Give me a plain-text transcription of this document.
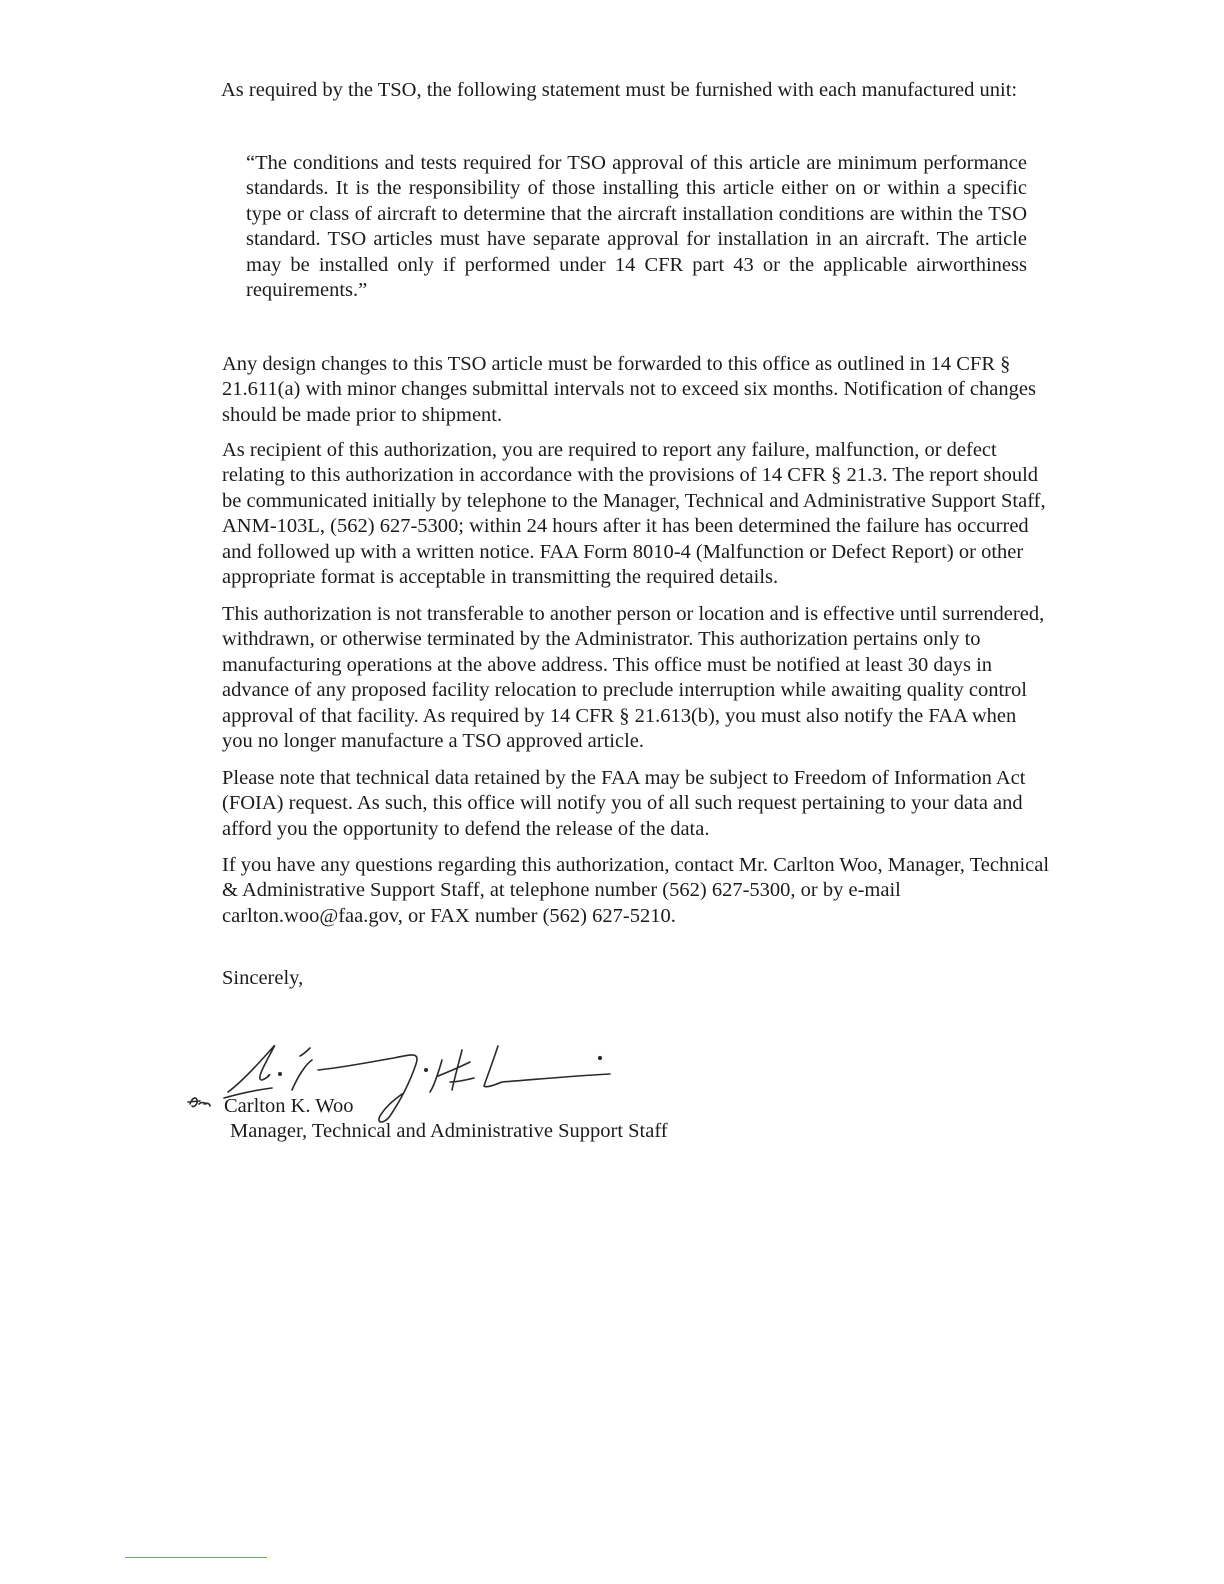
As required by the TSO, the following statement must be furnished with each manufactured unit:

“The conditions and tests required for TSO approval of this article are minimum performance standards. It is the responsibility of those installing this article either on or within a specific type or class of aircraft to determine that the aircraft installation conditions are within the TSO standard. TSO articles must have separate approval for installation in an aircraft. The article may be installed only if performed under 14 CFR part 43 or the applicable airworthiness requirements.”

Any design changes to this TSO article must be forwarded to this office as outlined in 14 CFR § 21.611(a) with minor changes submittal intervals not to exceed six months. Notification of changes should be made prior to shipment.

As recipient of this authorization, you are required to report any failure, malfunction, or defect relating to this authorization in accordance with the provisions of 14 CFR § 21.3. The report should be communicated initially by telephone to the Manager, Technical and Administrative Support Staff, ANM-103L, (562) 627-5300; within 24 hours after it has been determined the failure has occurred and followed up with a written notice. FAA Form 8010-4 (Malfunction or Defect Report) or other appropriate format is acceptable in transmitting the required details.

This authorization is not transferable to another person or location and is effective until surrendered, withdrawn, or otherwise terminated by the Administrator. This authorization pertains only to manufacturing operations at the above address. This office must be notified at least 30 days in advance of any proposed facility relocation to preclude interruption while awaiting quality control approval of that facility. As required by 14 CFR § 21.613(b), you must also notify the FAA when you no longer manufacture a TSO approved article.

Please note that technical data retained by the FAA may be subject to Freedom of Information Act (FOIA) request. As such, this office will notify you of all such request pertaining to your data and afford you the opportunity to defend the release of the data.

If you have any questions regarding this authorization, contact Mr. Carlton Woo, Manager, Technical & Administrative Support Staff, at telephone number (562) 627-5300, or by e-mail carlton.woo@faa.gov, or FAX number (562) 627-5210.

Sincerely,
Carlton K. Woo
Manager, Technical and Administrative Support Staff
